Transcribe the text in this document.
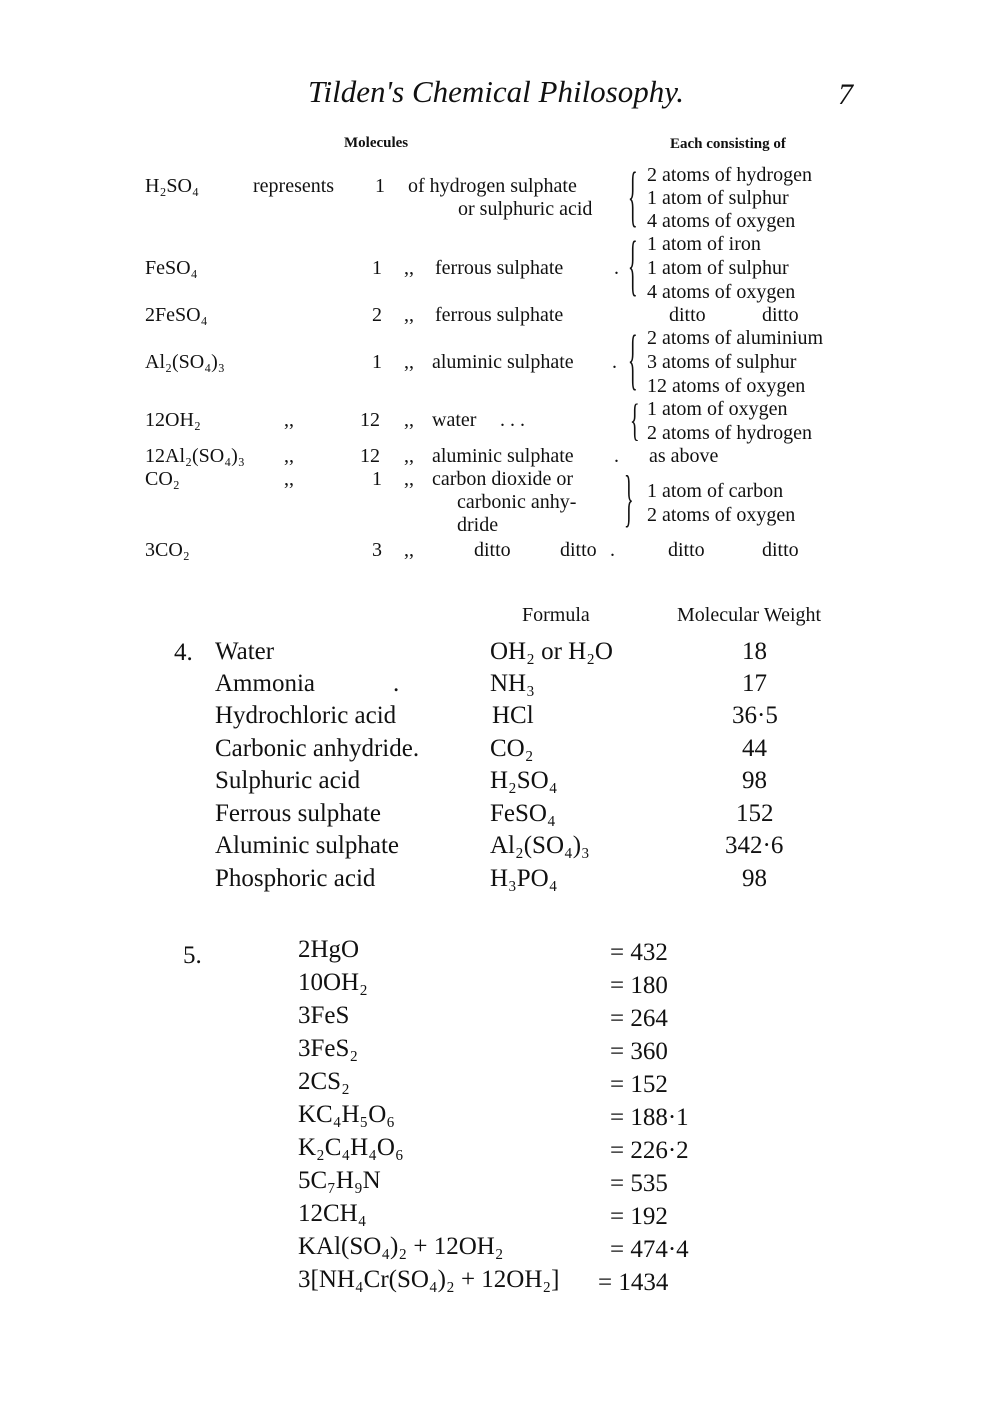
Tilden's Chemical Philosophy.	7
Molecules	Each consisting of
H₂SO₄	represents 1 of hydrogen sulphate
or sulphuric acid { 2 atoms of hydrogen
1 atom of sulphur
4 atoms of oxygen
FeSO₄	1 ,, ferrous sulphate	. { 1 atom of iron
1 atom of sulphur
4 atoms of oxygen
2FeSO₄	2 ,, ferrous sulphate	ditto	ditto
Al₂(SO₄)₃	1 ,, aluminic sulphate . { 2 atoms of aluminium
3 atoms of sulphur
12 atoms of oxygen
12OH₂	,,	12 ,, water . . .	{ 1 atom of oxygen
2 atoms of hydrogen
12Al₂(SO₄)₃ ,,	12 ,, aluminic sulphate . as above
CO₂	,,	1 ,, carbon dioxide or
carbonic anhy-
dride	} 1 atom of carbon
2 atoms of oxygen
3CO₂	3 ,,	ditto ditto .	ditto	ditto
Formula	Molecular Weight
4. Water	OH₂ or H₂O	18
Ammonia	.	NH₃	17
Hydrochloric acid	HCl	36·5
Carbonic anhydride.	CO₂	44
Sulphuric acid	H₂SO₄	98
Ferrous sulphate	FeSO₄	152
Aluminic sulphate	Al₂(SO₄)₃	342·6
Phosphoric acid	H₃PO₄	98
5.	2HgO	= 432
10OH₂	= 180
3FeS	= 264
3FeS₂	= 360
2CS₂	= 152
KC₄H₅O₆	= 188·1
K₂C₄H₄O₆	= 226·2
5C₇H₉N	= 535
12CH₄	= 192
KAl(SO₄)₂ + 12OH₂	= 474·4
3[NH₄Cr(SO₄)₂ + 12OH₂] = 1434
